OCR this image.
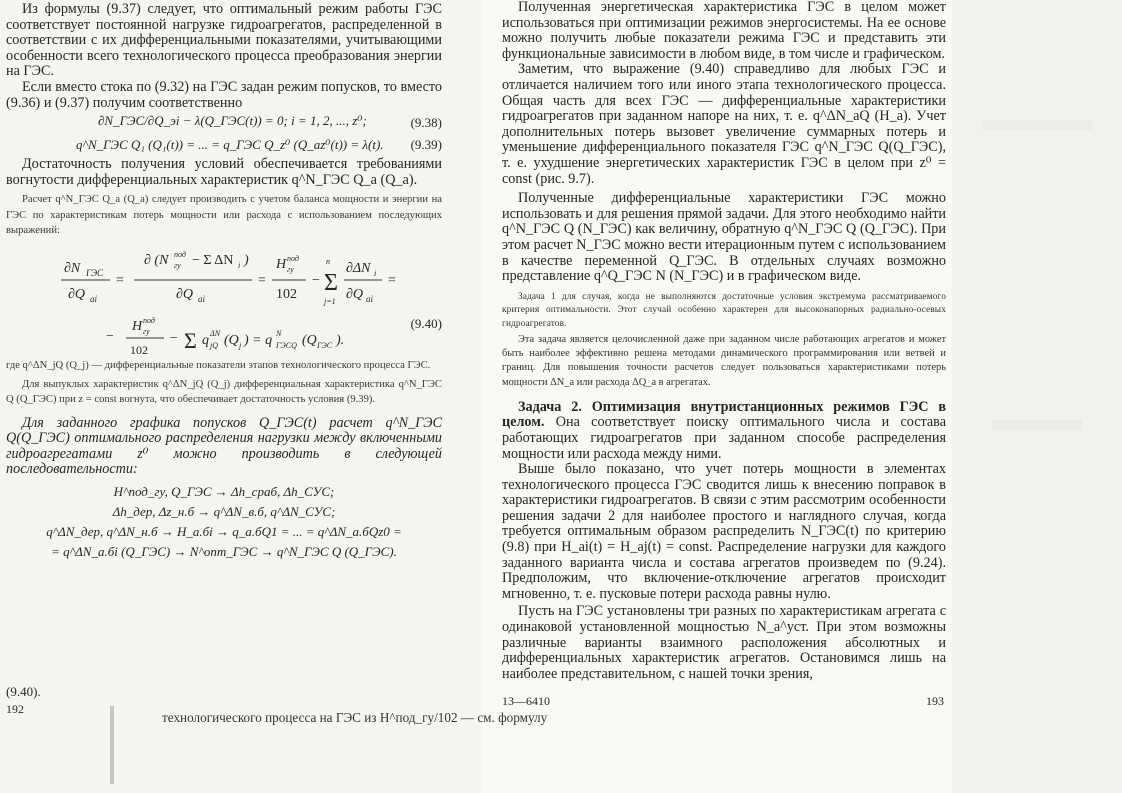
Из формулы (9.37) следует, что оптимальный режим работы ГЭС соответствует постоянной нагрузке гидроагрегатов, распределенной в соответствии с их дифференциальными показателями, учитывающими особенности всего технологического процесса преобразования энергии на ГЭС.

Если вместо стока по (9.32) на ГЭС задан режим попусков, то вместо (9.36) и (9.37) получим соответственно

∂N_ГЭС/∂Q_эi − λ(Q_ГЭС(t)) = 0; i = 1, 2, ..., z⁰;	(9.38)
q^N_ГЭС Q₁ (Q₁(t)) = ... = q_ГЭС Q_z⁰ (Q_az⁰(t)) = λ(t). (9.39)

Достаточность получения условий обеспечивается требованиями вогнутости дифференциальных характеристик q^N_ГЭС Q_a (Q_a).

Расчет q^N_ГЭС Q_a (Q_a) следует производить с учетом баланса мощности и энергии на ГЭС по характеристикам потерь мощности или расхода с использованием последующих выражений:

∂N ГЭС
∂Q ai
=
∂ (N под
гу − Σ ΔN i )
∂Q ai
=
H под
гу
102
− Σ
n
j=1
∂ΔN i
∂Q ai
=
−
H под
гу
102
− Σ q ΔN
jQ (Q j ) = q N
ГЭСQ (Q ГЭС ).
(9.40)

где q^ΔN_jQ (Q_j) — дифференциальные показатели этапов технологического процесса ГЭС.

Для выпуклых характеристик q^ΔN_jQ (Q_j) дифференциальная характеристика q^N_ГЭС Q (Q_ГЭС) при z = const вогнута, что обеспечивает достаточность условия (9.39).

Для заданного графика попусков Q_ГЭС(t) расчет q^N_ГЭС Q(Q_ГЭС) оптимального распределения нагрузки между включенными гидроагрегатами z⁰ можно производить в следующей последовательности:

H^под_гу, Q_ГЭС → Δh_сраб, Δh_СУС;
Δh_дер, Δz_н.б → q^ΔN_в.б, q^ΔN_СУС;
q^ΔN_дер, q^ΔN_н.б → H_a.бi → q_a.бQ1 = ... = q^ΔN_a.бQz0 =
= q^ΔN_a.бi (Q_ГЭС) → N^опт_ГЭС → q^N_ГЭС Q (Q_ГЭС).
(9.40).
192

Полученная энергетическая характеристика ГЭС в целом может использоваться при оптимизации режимов энергосистемы. На ее основе можно получить любые показатели режима ГЭС и представить эти функциональные зависимости в любом виде, в том числе и графическом.

Заметим, что выражение (9.40) справедливо для любых ГЭС и отличается наличием того или иного этапа технологического процесса. Общая часть для всех ГЭС — дифференциальные характеристики гидроагрегатов при заданном напоре на них, т. е. q^ΔN_aQ (H_a). Учет дополнительных потерь вызовет увеличение суммарных потерь и уменьшение дифференциального показателя ГЭС q^N_ГЭС Q(Q_ГЭС), т. е. ухудшение энергетических характеристик ГЭС в целом при z⁰ = const (рис. 9.7).

Полученные дифференциальные характеристики ГЭС можно использовать и для решения прямой задачи. Для этого необходимо найти q^N_ГЭС Q (N_ГЭС) как величину, обратную q^N_ГЭС Q (Q_ГЭС). При этом расчет N_ГЭС можно вести итерационным путем с использованием в качестве переменной Q_ГЭС. В отдельных случаях возможно представление q^Q_ГЭС N (N_ГЭС) и в графическом виде.

Задача 1 для случая, когда не выполняются достаточные условия экстремума рассматриваемого критерия оптимальности. Этот случай особенно характерен для высоконапорных радиально-осевых гидроагрегатов.

Эта задача является целочисленной даже при заданном числе работающих агрегатов и может быть наиболее эффективно решена методами динамического программирования или ветвей и границ. Для повышения точности расчетов следует пользоваться характеристиками потерь мощности ΔN_a или расхода ΔQ_a в агрегатах.

Задача 2. Оптимизация внутристанционных режимов ГЭС в целом. Она соответствует поиску оптимального числа и состава работающих гидроагрегатов при заданном способе распределения мощности или расхода между ними.

Выше было показано, что учет потерь мощности в элементах технологического процесса ГЭС сводится лишь к внесению поправок в характеристики гидроагрегатов. В связи с этим рассмотрим особенности решения задачи 2 для наиболее простого и наглядного случая, когда требуется оптимальным образом распределить N_ГЭС(t) по критерию (9.8) при H_ai(t) = H_aj(t) = const. Распределение нагрузки для каждого заданного варианта числа и состава агрегатов произведем по (9.24). Предположим, что включение-отключение агрегатов происходит мгновенно, т. е. пусковые потери расхода равны нулю.

Пусть на ГЭС установлены три разных по характеристикам агрегата с одинаковой установленной мощностью N_a^уст. При этом возможны различные варианты взаимного расположения абсолютных и дифференциальных характеристик агрегатов. Остановимся лишь на наиболее представительном, с нашей точки зрения,

13—6410	193
технологического процесса на ГЭС из H^под_гу/102 — см. формулу
